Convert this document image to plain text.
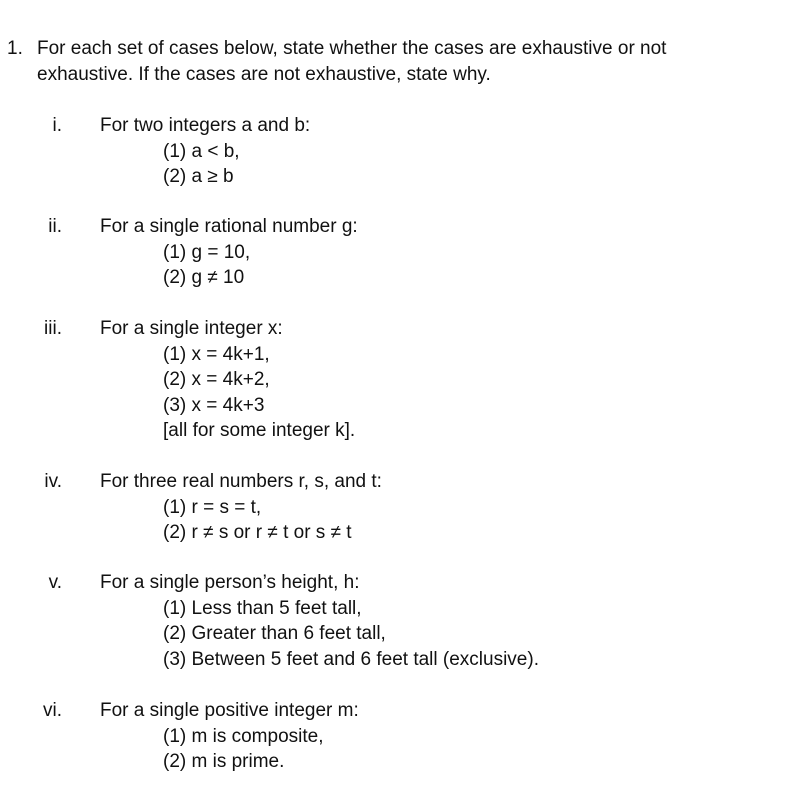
1. For each set of cases below, state whether the cases are exhaustive or not
exhaustive. If the cases are not exhaustive, state why.
i. For two integers a and b:
(1) a < b,
(2) a ≥ b
ii. For a single rational number g:
(1) g = 10,
(2) g ≠ 10
iii. For a single integer x:
(1) x = 4k+1,
(2) x = 4k+2,
(3) x = 4k+3
[all for some integer k].
iv. For three real numbers r, s, and t:
(1) r = s = t,
(2) r ≠ s or r ≠ t or s ≠ t
v. For a single person’s height, h:
(1) Less than 5 feet tall,
(2) Greater than 6 feet tall,
(3) Between 5 feet and 6 feet tall (exclusive).
vi. For a single positive integer m:
(1) m is composite,
(2) m is prime.
